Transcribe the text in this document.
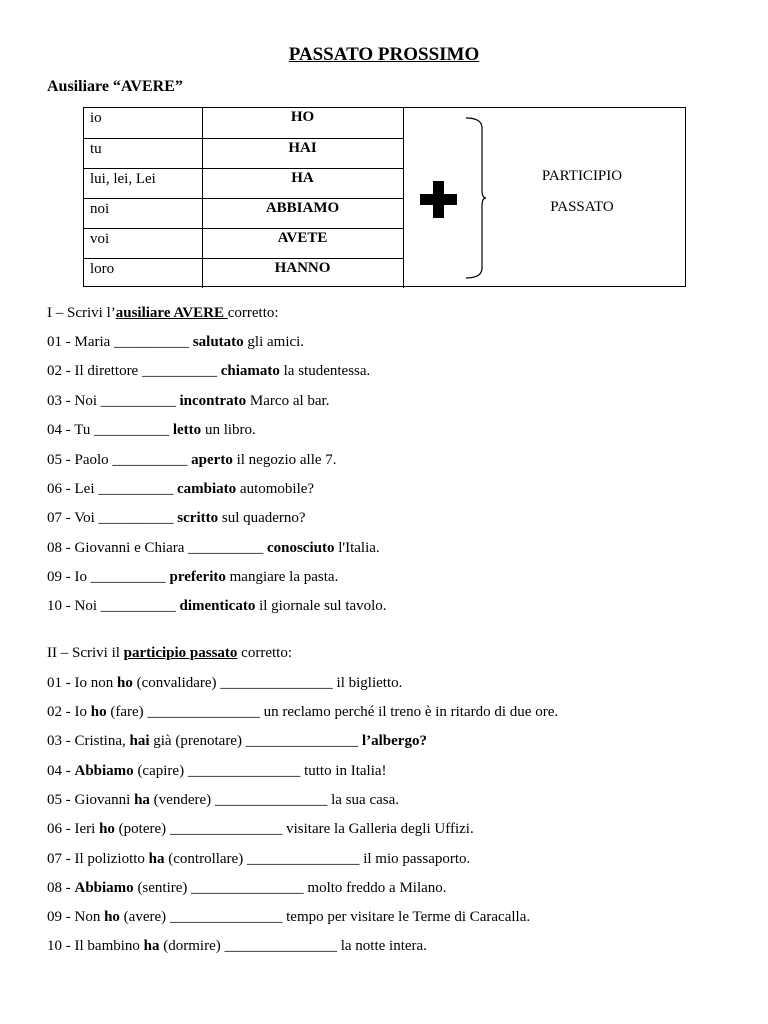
PASSATO PROSSIMO
Ausiliare “AVERE”
io	HO
tu	HAI
lui, lei, Lei	HA
noi	ABBIAMO
voi	AVETE
loro	HANNO
PARTICIPIO
PASSATO
I – Scrivi l’ausiliare AVERE corretto:
01 - Maria __________ salutato gli amici.
02 - Il direttore __________ chiamato la studentessa.
03 - Noi __________ incontrato Marco al bar.
04 - Tu __________ letto un libro.
05 - Paolo __________ aperto il negozio alle 7.
06 - Lei __________ cambiato automobile?
07 - Voi __________ scritto sul quaderno?
08 - Giovanni e Chiara __________ conosciuto l'Italia.
09 - Io __________ preferito mangiare la pasta.
10 - Noi __________ dimenticato il giornale sul tavolo.
II – Scrivi il participio passato corretto:
01 - Io non ho (convalidare) _______________ il biglietto.
02 - Io ho (fare) _______________ un reclamo perché il treno è in ritardo di due ore.
03 - Cristina, hai già (prenotare) _______________ l’albergo?
04 - Abbiamo (capire) _______________ tutto in Italia!
05 - Giovanni ha (vendere) _______________ la sua casa.
06 - Ieri ho (potere) _______________ visitare la Galleria degli Uffizi.
07 - Il poliziotto ha (controllare) _______________ il mio passaporto.
08 - Abbiamo (sentire) _______________ molto freddo a Milano.
09 - Non ho (avere) _______________ tempo per visitare le Terme di Caracalla.
10 - Il bambino ha (dormire) _______________ la notte intera.
